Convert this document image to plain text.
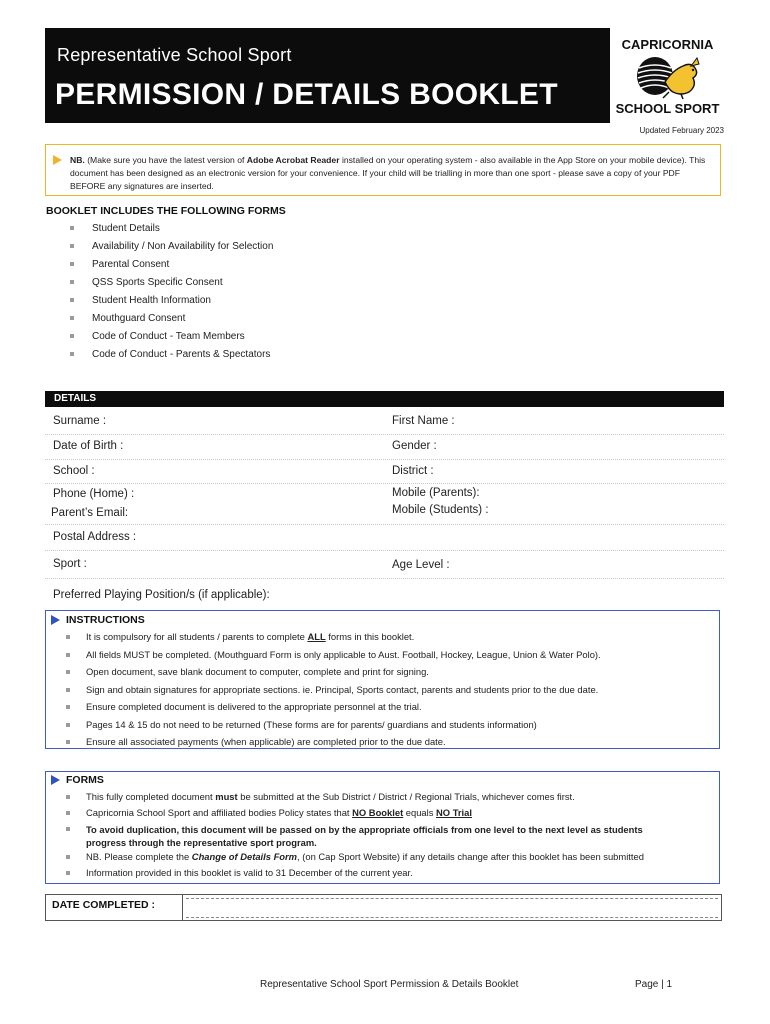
Representative School Sport
PERMISSION / DETAILS BOOKLET
CAPRICORNIA
SCHOOL SPORT
Updated February 2023
NB. (Make sure you have the latest version of Adobe Acrobat Reader installed on your operating system - also available in the App Store on your mobile device). This document has been designed as an electronic version for your convenience. If your child will be trialling in more than one sport - please save a copy of your PDF BEFORE any signatures are inserted.
BOOKLET INCLUDES THE FOLLOWING FORMS
Student Details
Availability / Non Availability for Selection
Parental Consent
QSS Sports Specific Consent
Student Health Information
Mouthguard Consent
Code of Conduct - Team Members
Code of Conduct - Parents & Spectators
DETAILS
Surname :	First Name :
Date of Birth :	Gender :
School :	District :
Phone (Home) :	Mobile (Parents):
Parent’s Email:	Mobile (Students) :
Postal Address :
Sport :	Age Level :
Preferred Playing Position/s (if applicable):
INSTRUCTIONS
It is compulsory for all students / parents to complete ALL forms in this booklet.
All fields MUST be completed. (Mouthguard Form is only applicable to Aust. Football, Hockey, League, Union & Water Polo).
Open document, save blank document to computer, complete and print for signing.
Sign and obtain signatures for appropriate sections. ie. Principal, Sports contact, parents and students prior to the due date.
Ensure completed document is delivered to the appropriate personnel at the trial.
Pages 14 & 15 do not need to be returned (These forms are for parents/ guardians and students information)
Ensure all associated payments (when applicable) are completed prior to the due date.
FORMS
This fully completed document must be submitted at the Sub District / District / Regional Trials, whichever comes first.
Capricornia School Sport and affiliated bodies Policy states that NO Booklet equals NO Trial
To avoid duplication, this document will be passed on by the appropriate officials from one level to the next level as students
progress through the representative sport program.
NB. Please complete the Change of Details Form, (on Cap Sport Website) if any details change after this booklet has been submitted
Information provided in this booklet is valid to 31 December of the current year.
DATE COMPLETED :
Representative School Sport Permission & Details Booklet	Page | 1
